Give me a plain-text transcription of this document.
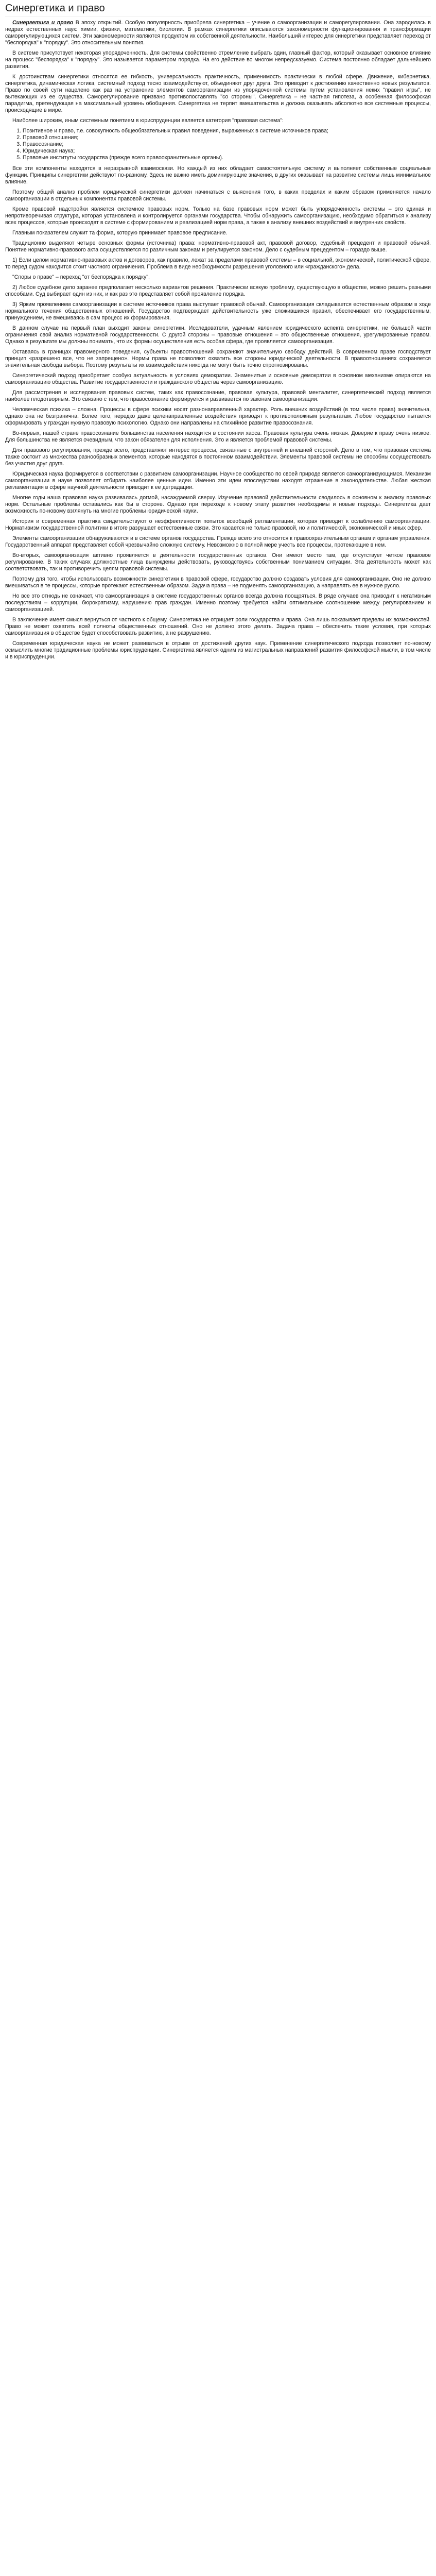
Синергетика и право

Синергетика и право В эпоху открытий. Особую популярность приобрела синергетика – учение о самоорганизации и саморегулировании. Она зародилась в недрах естественных наук: химии, физики, математики, биологии. В рамках синергетики описываются закономерности функционирования и трансформации саморегулирующихся систем. Эти закономерности являются продуктом их собственной деятельности. Наибольший интерес для синергетики представляет переход от "беспорядка" к "порядку". Это относительным понятия.

В системе присутствует некоторая упорядоченность. Для системы свойственно стремление выбрать один, главный фактор, который оказывает основное влияние на процесс "беспорядка" к "порядку". Это называется параметром порядка. На его действие во многом непредсказуемо. Система постоянно обладает дальнейшего развития.

К достоинствам синергетики относятся ее гибкость, универсальность практичность, применимость практически в любой сфере. Движение, кибернетика, синергетика, динамическая логика, системный подход тесно взаимодействуют, объединяют друг друга. Это приводит к достижению качественно новых результатов. Право по своей сути нацелено как раз на устранение элементов самоорганизации из упорядоченной системы путем установления неких "правил игры", не вытекающих из ее существа. Саморегулирование призвано противопоставлять "со стороны". Синергетика – не частная гипотеза, а особенная философская парадигма, претендующая на максимальный уровень обобщения. Синергетика не терпит вмешательства и должна оказывать абсолютно все системные процессы, происходящие в мире.

Наиболее широким, иным системным понятием в юриспруденции является категория "правовая система":

1. Позитивное и право, т.е. совокупность общеобязательных правил поведения, выраженных в системе источников права;
2. Правовой отношения;
3. Правосознание;
4. Юридическая наука;
5. Правовые институты государства (прежде всего правоохранительные органы).

Все эти компоненты находятся в неразрывной взаимосвязи. Но каждый из них обладает самостоятельную систему и выполняет собственные социальные функции. Принципы синергетики действуют по-разному. Здесь не важно иметь доминирующие значения, в других оказывает на развитие системы лишь минимальное влияние.

Поэтому общий анализ проблем юридической синергетики должен начинаться с выяснения того, в каких пределах и каким образом применяется начало самоорганизации в отдельных компонентах правовой системы.

Кроме правовой надстройки является системное правовых норм. Только на базе правовых норм может быть упорядоченность системы – это единая и непротиворечивая структура, которая установлена и контролируется органами государства. Чтобы обнаружить самоорганизацию, необходимо обратиться к анализу всех процессов, которые происходят в системе с формированием и реализацией норм права, а также к анализу внешних воздействий и внутренних свойств.

Главным показателем служит та форма, которую принимает правовое предписание.

Традиционно выделяют четыре основных формы (источника) права: нормативно-правовой акт, правовой договор, судебный прецедент и правовой обычай. Понятие нормативно-правового акта осуществляется по различным законам и регулируется законом. Дело с судебным прецедентом – гораздо выше.

1) Если целом нормативно-правовых актов и договоров, как правило, лежат за пределами правовой системы – в социальной, экономической, политической сфере, то перед судом находится стоит частного ограничения. Проблема в виде необходимости разрешения уголовного или «гражданского» дела.

"Споры о праве" – переход "от беспорядка к порядку".

2) Любое судебное дело заранее предполагает несколько вариантов решения. Практически всякую проблему, существующую в обществе, можно решить разными способами. Суд выбирает один из них, и как раз это представляет собой проявление порядка.

3) Ярким проявлением самоорганизации в системе источников права выступает правовой обычай. Самоорганизация складывается естественным образом в ходе нормального течения общественных отношений. Государство подтверждает действительность уже сложившихся правил, обеспечивает его государственным, принуждением, не вмешиваясь в сам процесс их формирования.

В данном случае на первый план выходит законы синергетики. Исследователи, удачным явлением юридического аспекта синергетики, не большой части ограничения свой анализ нормативной государственности. С другой стороны – правовые отношения – это общественные отношения, урегулированные правом. Однако в результате мы должны понимать, что их формы осуществления есть особая сфера, где проявляется самоорганизация.

Оставаясь в границах правомерного поведения, субъекты правоотношений сохраняют значительную свободу действий. В современном праве господствует принцип «разрешено все, что не запрещено». Нормы права не позволяют охватить все стороны юридической деятельности. В правоотношениях сохраняется значительная свобода выбора. Поэтому результаты их взаимодействия никогда не могут быть точно спрогнозированы.

Синергетический подход приобретает особую актуальность в условиях демократии. Знаменитые и основные демократии в основном механизме опираются на самоорганизацию общества. Развитие государственности и гражданского общества через самоорганизацию.

Для рассмотрения и исследования правовых систем, таких как правосознание, правовая культура, правовой менталитет, синергетический подход является наиболее плодотворным. Это связано с тем, что правосознание формируется и развивается по законам самоорганизации.

Человеческая психика – сложна. Процессы в сфере психики носят разнонаправленный характер. Роль внешних воздействий (в том числе права) значительна, однако она не безгранична. Более того, нередко даже целенаправленные воздействия приводят к противоположным результатам. Любое государство пытается сформировать у граждан нужную правовую психологию. Однако они направлены на стихийное развитие правосознания.

Во-первых, нашей стране правосознание большинства населения находится в состоянии хаоса. Правовая культура очень низкая. Доверие к праву очень низкое. Для большинства не является очевидным, что закон обязателен для исполнения. Это и является проблемой правовой системы.

Для правового регулирования, прежде всего, представляют интерес процессы, связанные с внутренней и внешней стороной. Дело в том, что правовая система также состоит из множества разнообразных элементов, которые находятся в постоянном взаимодействии. Элементы правовой системы не способны сосуществовать без участия друг друга.

Юридическая наука формируется в соответствии с развитием самоорганизации. Научное сообщество по своей природе является самоорганизующимся. Механизм самоорганизации в науке позволяет отбирать наиболее ценные идеи. Именно эти идеи впоследствии находят отражение в законодательстве. Любая жесткая регламентация в сфере научной деятельности приводит к ее деградации.

Многие годы наша правовая наука развивалась догмой, насаждаемой сверху. Изучение правовой действительности сводилось в основном к анализу правовых норм. Остальные проблемы оставались как бы в стороне. Однако при переходе к новому этапу развития необходимы и новые подходы. Синергетика дает возможность по-новому взглянуть на многие проблемы юридической науки.

История и современная практика свидетельствуют о неэффективности попыток всеобщей регламентации, которая приводит к ослаблению самоорганизации. Нормативизм государственной политики в итоге разрушает естественные связи. Это касается не только правовой, но и политической, экономической и иных сфер.

Элементы самоорганизации обнаруживаются и в системе органов государства. Прежде всего это относится к правоохранительным органам и органам управления. Государственный аппарат представляет собой чрезвычайно сложную систему. Невозможно в полной мере учесть все процессы, протекающие в нем.

Во-вторых, самоорганизация активно проявляется в деятельности государственных органов. Они имеют место там, где отсутствует четкое правовое регулирование. В таких случаях должностные лица вынуждены действовать, руководствуясь собственным пониманием ситуации. Эта деятельность может как соответствовать, так и противоречить целям правовой системы.

Поэтому для того, чтобы использовать возможности синергетики в правовой сфере, государство должно создавать условия для самоорганизации. Оно не должно вмешиваться в те процессы, которые протекают естественным образом. Задача права – не подменять самоорганизацию, а направлять ее в нужное русло.

Но все это отнюдь не означает, что самоорганизация в системе государственных органов всегда должна поощряться. В ряде случаев она приводит к негативным последствиям – коррупции, бюрократизму, нарушению прав граждан. Именно поэтому требуется найти оптимальное соотношение между регулированием и самоорганизацией.

В заключение имеет смысл вернуться от частного к общему. Синергетика не отрицает роли государства и права. Она лишь показывает пределы их возможностей. Право не может охватить всей полноты общественных отношений. Оно не должно этого делать. Задача права – обеспечить такие условия, при которых самоорганизация в обществе будет способствовать развитию, а не разрушению.

Современная юридическая наука не может развиваться в отрыве от достижений других наук. Применение синергетического подхода позволяет по-новому осмыслить многие традиционные проблемы юриспруденции. Синергетика является одним из магистральных направлений развития философской мысли, в том числе и в юриспруденции.
